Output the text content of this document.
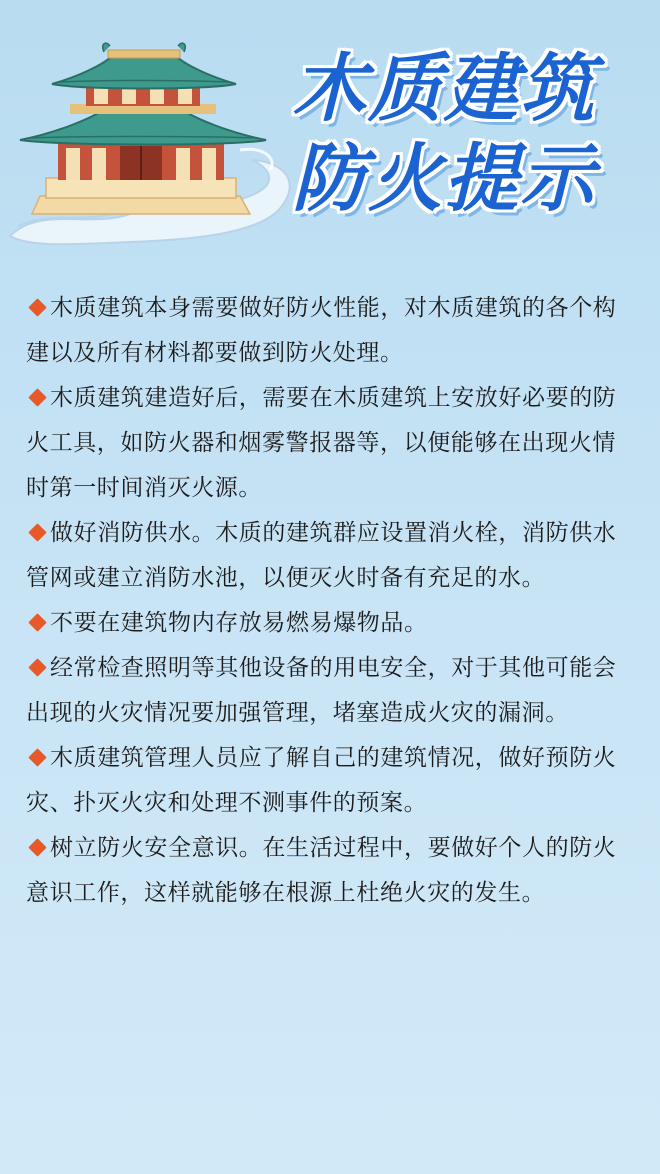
木质建筑
防火提示

木质建筑本身需要做好防火性能，对木质建筑的各个构建以及所有材料都要做到防火处理。

木质建筑建造好后，需要在木质建筑上安放好必要的防火工具，如防火器和烟雾警报器等，以便能够在出现火情时第一时间消灭火源。

做好消防供水。木质的建筑群应设置消火栓，消防供水管网或建立消防水池，以便灭火时备有充足的水。

不要在建筑物内存放易燃易爆物品。

经常检查照明等其他设备的用电安全，对于其他可能会出现的火灾情况要加强管理，堵塞造成火灾的漏洞。

木质建筑管理人员应了解自己的建筑情况，做好预防火灾、扑灭火灾和处理不测事件的预案。

树立防火安全意识。在生活过程中，要做好个人的防火意识工作，这样就能够在根源上杜绝火灾的发生。
